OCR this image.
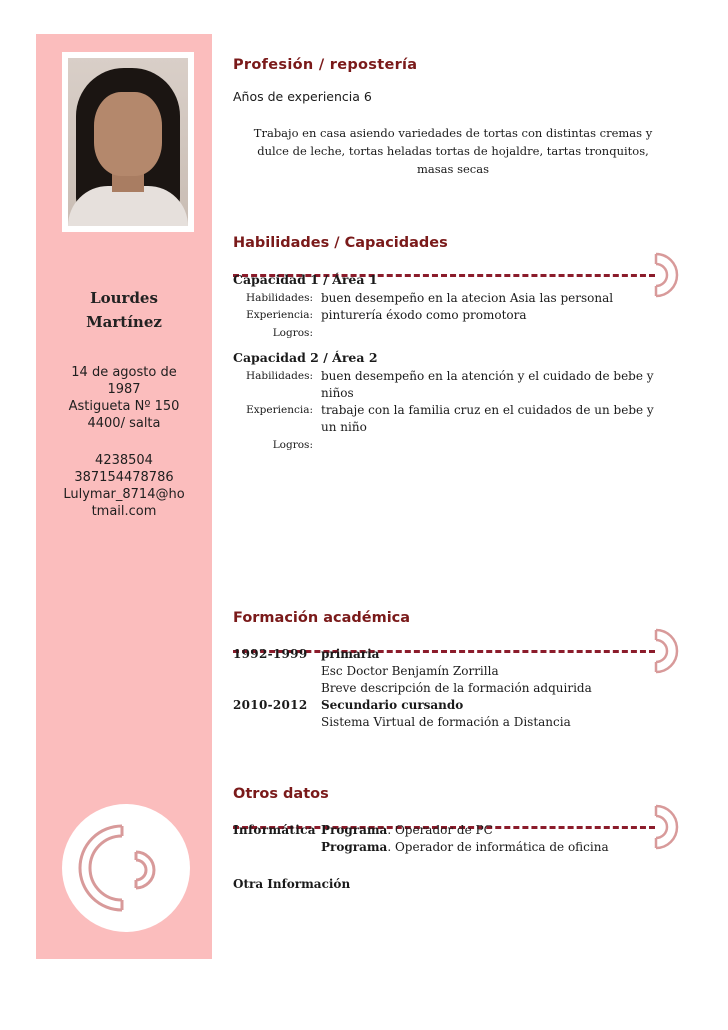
Lourdes
Martínez
14 de agosto de
1987
Astigueta Nº 150
4400/ salta
4238504
387154478786
Lulymar_8714@ho
tmail.com
Profesión / repostería
Años de experiencia 6
Trabajo en casa asiendo variedades de tortas con distintas cremas y
dulce de leche, tortas heladas tortas de hojaldre, tartas tronquitos,
masas secas
Habilidades / Capacidades
Capacidad 1 / Área 1
Habilidades: buen desempeño en la atecion Asia las personal
Experiencia: pinturería éxodo como promotora
Logros:
Capacidad 2 / Área 2
Habilidades: buen desempeño en la atención y el cuidado de bebe y
niños
Experiencia: trabaje con la familia cruz en el cuidados de un bebe y
un niño
Logros:
Formación académica
1992-1999	primaria
Esc Doctor Benjamín Zorrilla
Breve descripción de la formación adquirida
2010-2012	Secundario cursando
Sistema Virtual de formación a Distancia
Otros datos
Informática Programa. Operador de PC
Programa. Operador de informática de oficina
Otra Información
